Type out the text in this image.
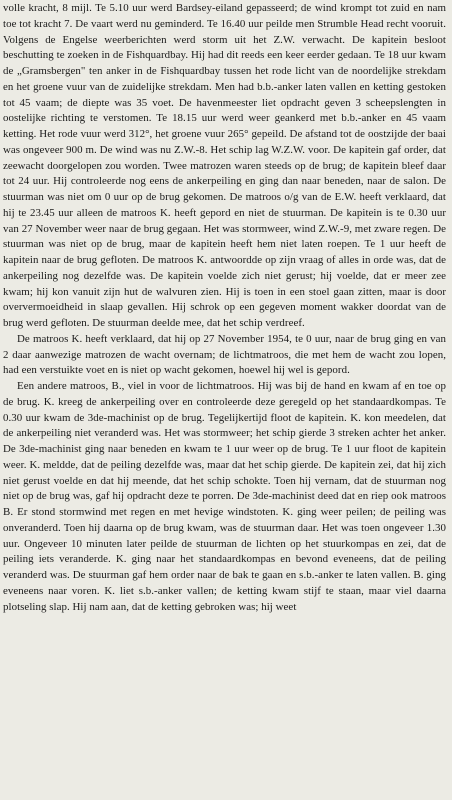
volle kracht, 8 mijl. Te 5.10 uur werd Bardsey-eiland gepasseerd; de wind krompt tot zuid en nam toe tot kracht 7. De vaart werd nu geminderd. Te 16.40 uur peilde men Strumble Head recht vooruit. Volgens de Engelse weerberichten werd storm uit het Z.W. verwacht. De kapitein besloot beschutting te zoeken in de Fishquardbay. Hij had dit reeds een keer eerder gedaan. Te 18 uur kwam de „Gramsbergen" ten anker in de Fishquardbay tussen het rode licht van de noordelijke strekdam en het groene vuur van de zuidelijke strekdam. Men had b.b.-anker laten vallen en ketting gestoken tot 45 vaam; de diepte was 35 voet. De havenmeester liet opdracht geven 3 scheepslengten in oostelijke richting te verstomen. Te 18.15 uur werd weer geankerd met b.b.-anker en 45 vaam ketting. Het rode vuur werd 312°, het groene vuur 265° gepeild. De afstand tot de oostzijde der baai was ongeveer 900 m. De wind was nu Z.W.-8. Het schip lag W.Z.W. voor. De kapitein gaf order, dat zeewacht doorgelopen zou worden. Twee matrozen waren steeds op de brug; de kapitein bleef daar tot 24 uur. Hij controleerde nog eens de ankerpeiling en ging dan naar beneden, naar de salon. De stuurman was niet om 0 uur op de brug gekomen. De matroos o/g van de E.W. heeft verklaard, dat hij te 23.45 uur alleen de matroos K. heeft gepord en niet de stuurman. De kapitein is te 0.30 uur van 27 November weer naar de brug gegaan. Het was stormweer, wind Z.W.-9, met zware regen. De stuurman was niet op de brug, maar de kapitein heeft hem niet laten roepen. Te 1 uur heeft de kapitein naar de brug gefloten. De matroos K. antwoordde op zijn vraag of alles in orde was, dat de ankerpeiling nog dezelfde was. De kapitein voelde zich niet gerust; hij voelde, dat er meer zee kwam; hij kon vanuit zijn hut de walvuren zien. Hij is toen in een stoel gaan zitten, maar is door oververmoeidheid in slaap gevallen. Hij schrok op een gegeven moment wakker doordat van de brug werd gefloten. De stuurman deelde mee, dat het schip verdreef.

De matroos K. heeft verklaard, dat hij op 27 November 1954, te 0 uur, naar de brug ging en van 2 daar aanwezige matrozen de wacht overnam; de lichtmatroos, die met hem de wacht zou lopen, had een verstuikte voet en is niet op wacht gekomen, hoewel hij wel is gepord.

Een andere matroos, B., viel in voor de lichtmatroos. Hij was bij de hand en kwam af en toe op de brug. K. kreeg de ankerpeiling over en controleerde deze geregeld op het standaardkompas. Te 0.30 uur kwam de 3de-machinist op de brug. Tegelijkertijd floot de kapitein. K. kon meedelen, dat de ankerpeiling niet veranderd was. Het was stormweer; het schip gierde 3 streken achter het anker. De 3de-machinist ging naar beneden en kwam te 1 uur weer op de brug. Te 1 uur floot de kapitein weer. K. meldde, dat de peiling dezelfde was, maar dat het schip gierde. De kapitein zei, dat hij zich niet gerust voelde en dat hij meende, dat het schip schokte. Toen hij vernam, dat de stuurman nog niet op de brug was, gaf hij opdracht deze te porren. De 3de-machinist deed dat en riep ook matroos B. Er stond stormwind met regen en met hevige windstoten. K. ging weer peilen; de peiling was onveranderd. Toen hij daarna op de brug kwam, was de stuurman daar. Het was toen ongeveer 1.30 uur. Ongeveer 10 minuten later peilde de stuurman de lichten op het stuurkompas en zei, dat de peiling iets veranderde. K. ging naar het standaardkompas en bevond eveneens, dat de peiling veranderd was. De stuurman gaf hem order naar de bak te gaan en s.b.-anker te laten vallen. B. ging eveneens naar voren. K. liet s.b.-anker vallen; de ketting kwam stijf te staan, maar viel daarna plotseling slap. Hij nam aan, dat de ketting gebroken was; hij weet
